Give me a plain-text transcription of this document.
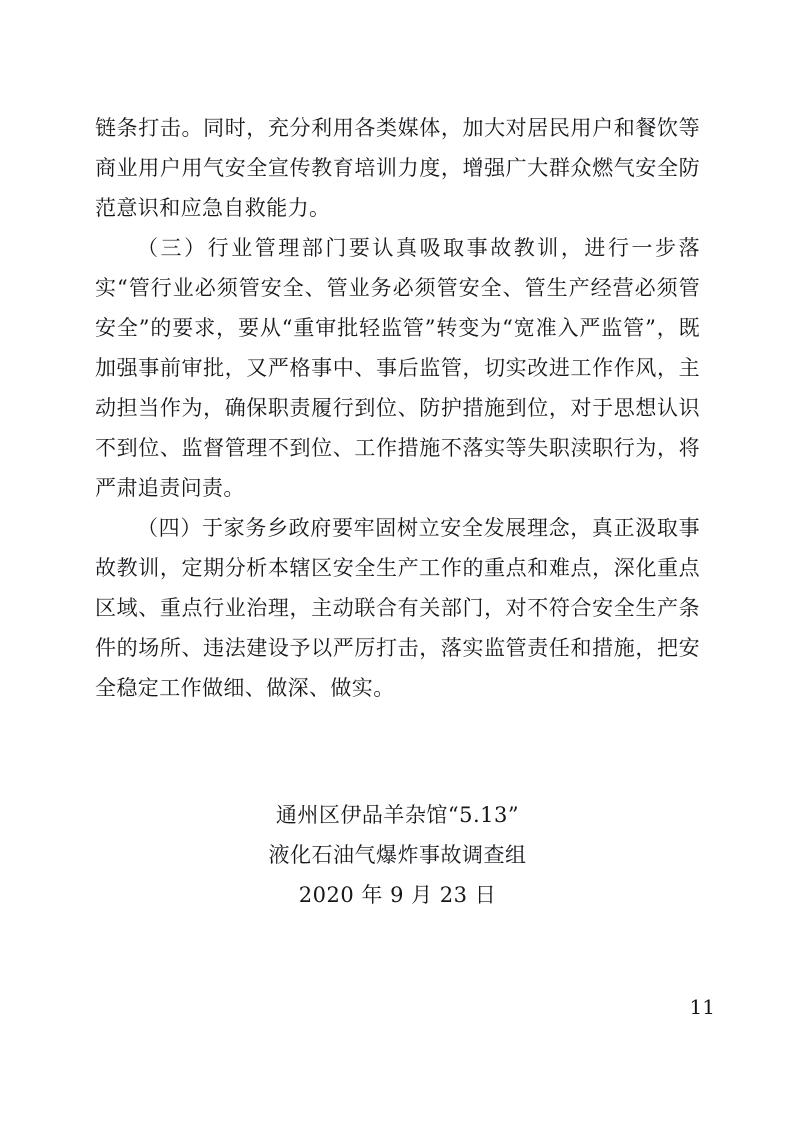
链条打击。同时，充分利用各类媒体，加大对居民用户和餐饮等商业用户用气安全宣传教育培训力度，增强广大群众燃气安全防范意识和应急自救能力。

（三）行业管理部门要认真吸取事故教训，进行一步落实“管行业必须管安全、管业务必须管安全、管生产经营必须管安全”的要求，要从“重审批轻监管”转变为“宽准入严监管”，既加强事前审批，又严格事中、事后监管，切实改进工作作风，主动担当作为，确保职责履行到位、防护措施到位，对于思想认识不到位、监督管理不到位、工作措施不落实等失职渎职行为，将严肃追责问责。

（四）于家务乡政府要牢固树立安全发展理念，真正汲取事故教训，定期分析本辖区安全生产工作的重点和难点，深化重点区域、重点行业治理，主动联合有关部门，对不符合安全生产条件的场所、违法建设予以严厉打击，落实监管责任和措施，把安全稳定工作做细、做深、做实。

通州区伊品羊杂馆“5.13”
液化石油气爆炸事故调查组
2020 年 9 月 23 日
11
